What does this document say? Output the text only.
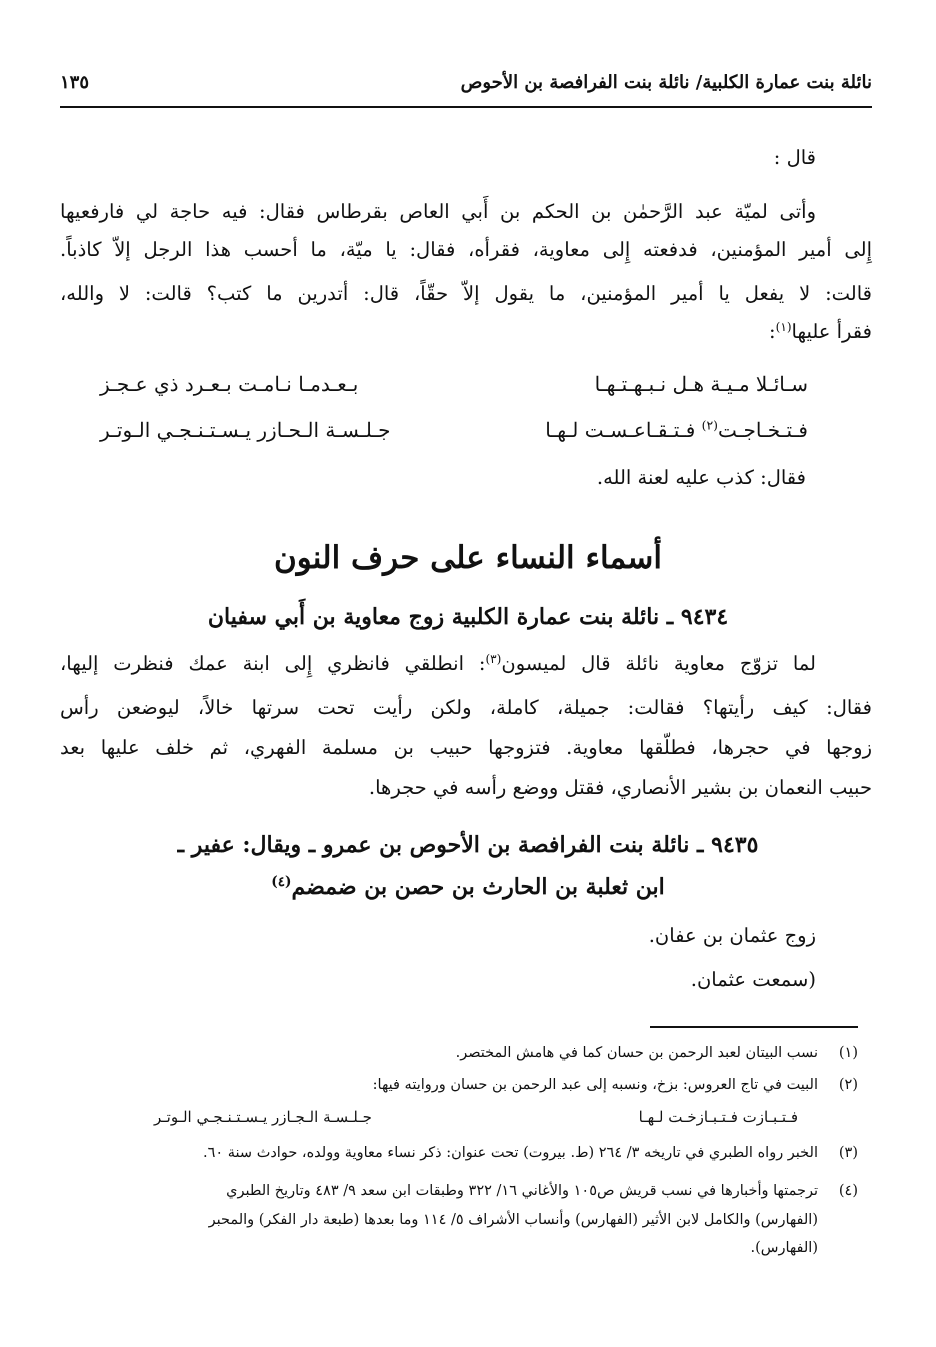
نائلة بنت عمارة الكلبية/ نائلة بنت الفرافصة بن الأحوص
١٣٥
قال :
وأتى لميّة عبد الرَّحمٰن بن الحكم بن أَبي العاص بقرطاس فقال: فيه حاجة لي فارفعيها
إِلى أمير المؤمنين، فدفعته إِلى معاوية، فقرأه، فقال: يا ميّة، ما أحسب هذا الرجل إلاّ كاذباً.
قالت: لا يفعل يا أمير المؤمنين، ما يقول إلاّ حقّاً، قال: أتدرين ما كتب؟ قالت: لا والله،
فقرأ عليها$^{(١)}$:
سـائـلا مـيـة هـل نـبـهـتـهـا
بـعـدمـا نـامـت بـعـرد ذي عـجـز
فـتـخـاجـت$^{(٢)}$ فـتـقـاعـسـت لـهـا
جـلـسـة الـحـازر يـسـتـنـجـي الـوتـر
فقال: كذب عليه لعنة الله.
أسماء النساء على حرف النون
٩٤٣٤ ـ نائلة بنت عمارة الكلبية زوج معاوية بن أَبي سفيان
لما تزوّج معاوية نائلة قال لميسون$^{(٣)}$: انطلقي فانظري إِلى ابنة عمك فنظرت إليها،
فقال: كيف رأيتها؟ فقالت: جميلة، كاملة، ولكن رأيت تحت سرتها خالاً، ليوضعن رأس
زوجها في حجرها، فطلّقها معاوية. فتزوجها حبيب بن مسلمة الفهري، ثم خلف عليها بعد
حبيب النعمان بن بشير الأنصاري، فقتل ووضع رأسه في حجرها.
٩٤٣٥ ـ نائلة بنت الفرافصة بن الأحوص بن عمرو ـ ويقال: عفير ـ
ابن ثعلبة بن الحارث بن حصن بن ضمضم$^{(٤)}$
زوج عثمان بن عفان.
(سمعت عثمان.
(١)
نسب البيتان لعبد الرحمن بن حسان كما في هامش المختصر.
(٢)
البيت في تاج العروس: بزخ، ونسبه إلى عبد الرحمن بن حسان وروايته فيها:
فـتـبـازت فـتـبـازخـت لـهـا
جـلـسـة الـجـازر يـسـتـنـجـي الـوتـر
(٣)
الخبر رواه الطبري في تاريخه ٣/ ٢٦٤ (ط. بيروت) تحت عنوان: ذكر نساء معاوية وولده، حوادث سنة ٦٠.
(٤)
ترجمتها وأخبارها في نسب قريش ص١٠٥ والأغاني ١٦/ ٣٢٢ وطبقات ابن سعد ٩/ ٤٨٣ وتاريخ الطبري
(الفهارس) والكامل لابن الأثير (الفهارس) وأنساب الأشراف ٥/ ١١٤ وما بعدها (طبعة دار الفكر) والمحبر
(الفهارس).
